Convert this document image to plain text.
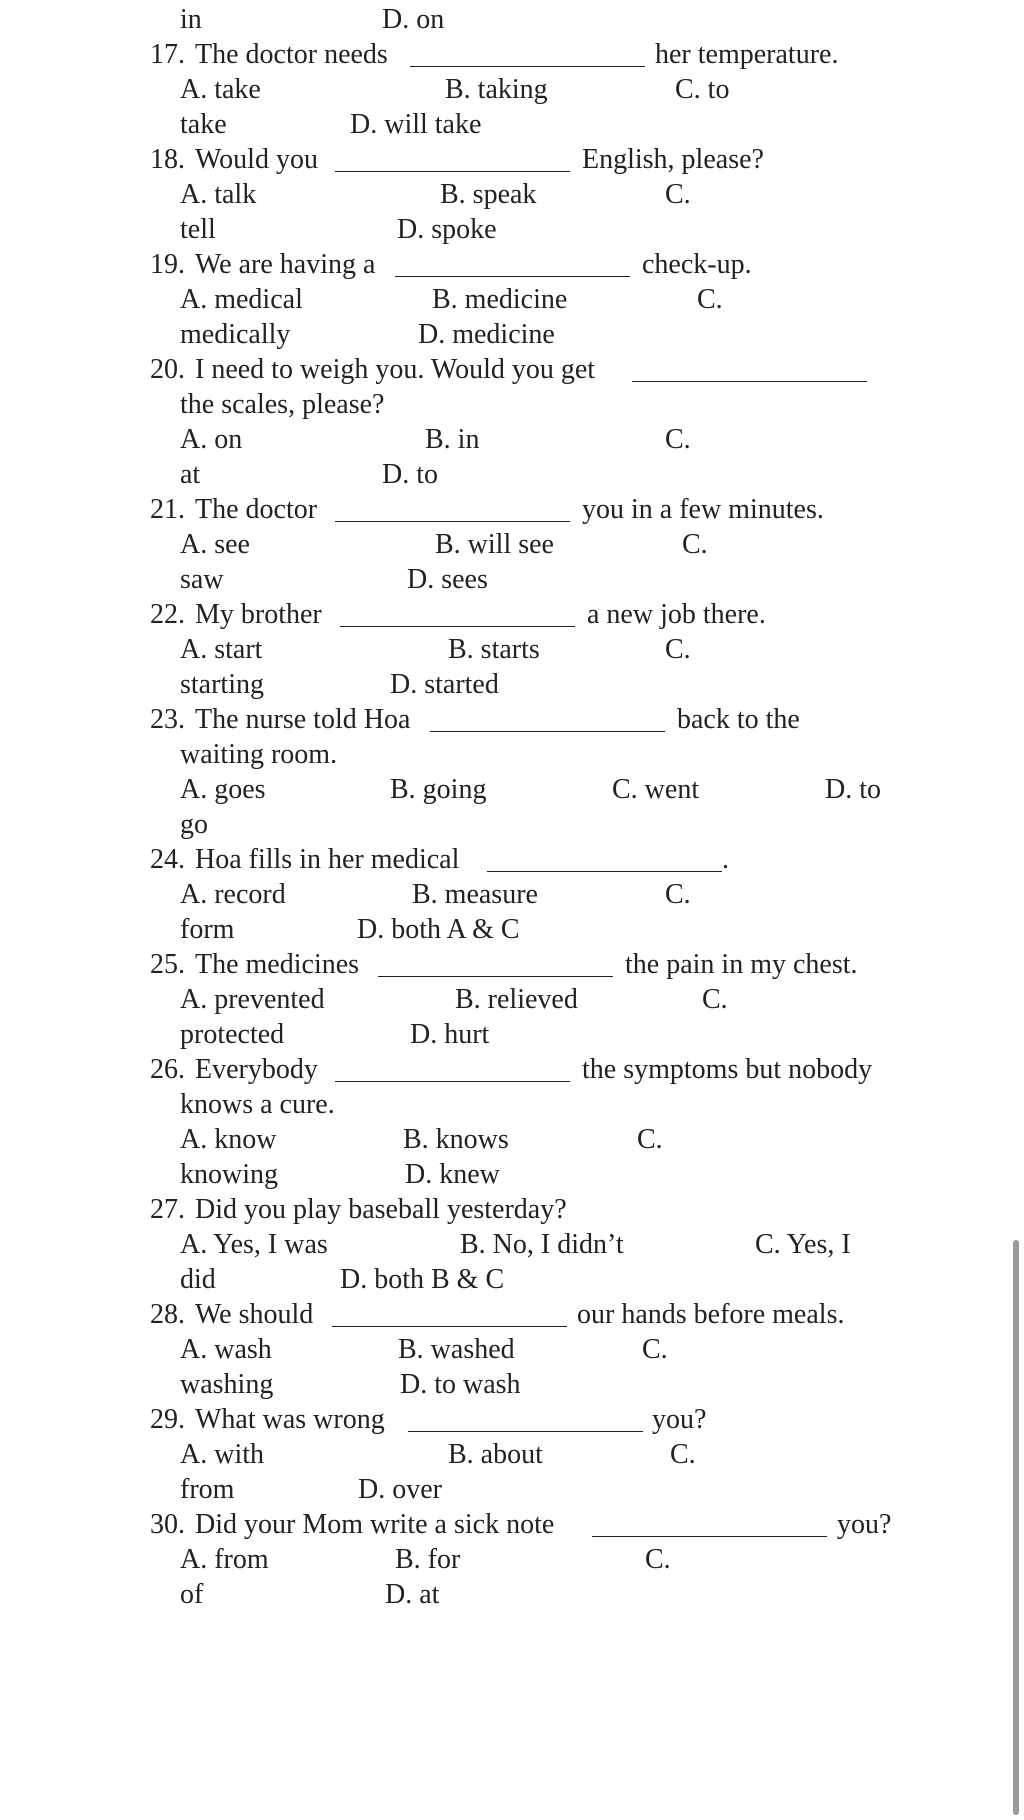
in	D. on
17. The doctor needs	her temperature.
A. take	B. taking	C. to
take	D. will take
18. Would you	English, please?
A. talk	B. speak	C.
tell	D. spoke
19. We are having a	check-up.
A. medical	B. medicine	C.
medically	D. medicine
20. I need to weigh you. Would you get
the scales, please?
A. on	B. in	C.
at	D. to
21. The doctor	you in a few minutes.
A. see	B. will see	C.
saw	D. sees
22. My brother	a new job there.
A. start	B. starts	C.
starting	D. started
23. The nurse told Hoa	back to the
waiting room.
A. goes	B. going	C. went	D. to
go
24. Hoa fills in her medical	.
A. record	B. measure	C.
form	D. both A & C
25. The medicines	the pain in my chest.
A. prevented	B. relieved	C.
protected	D. hurt
26. Everybody	the symptoms but nobody
knows a cure.
A. know	B. knows	C.
knowing	D. knew
27. Did you play baseball yesterday?
A. Yes, I was	B. No, I didn’t	C. Yes, I
did	D. both B & C
28. We should	our hands before meals.
A. wash	B. washed	C.
washing	D. to wash
29. What was wrong	you?
A. with	B. about	C.
from	D. over
30. Did your Mom write a sick note	you?
A. from	B. for	C.
of	D. at
